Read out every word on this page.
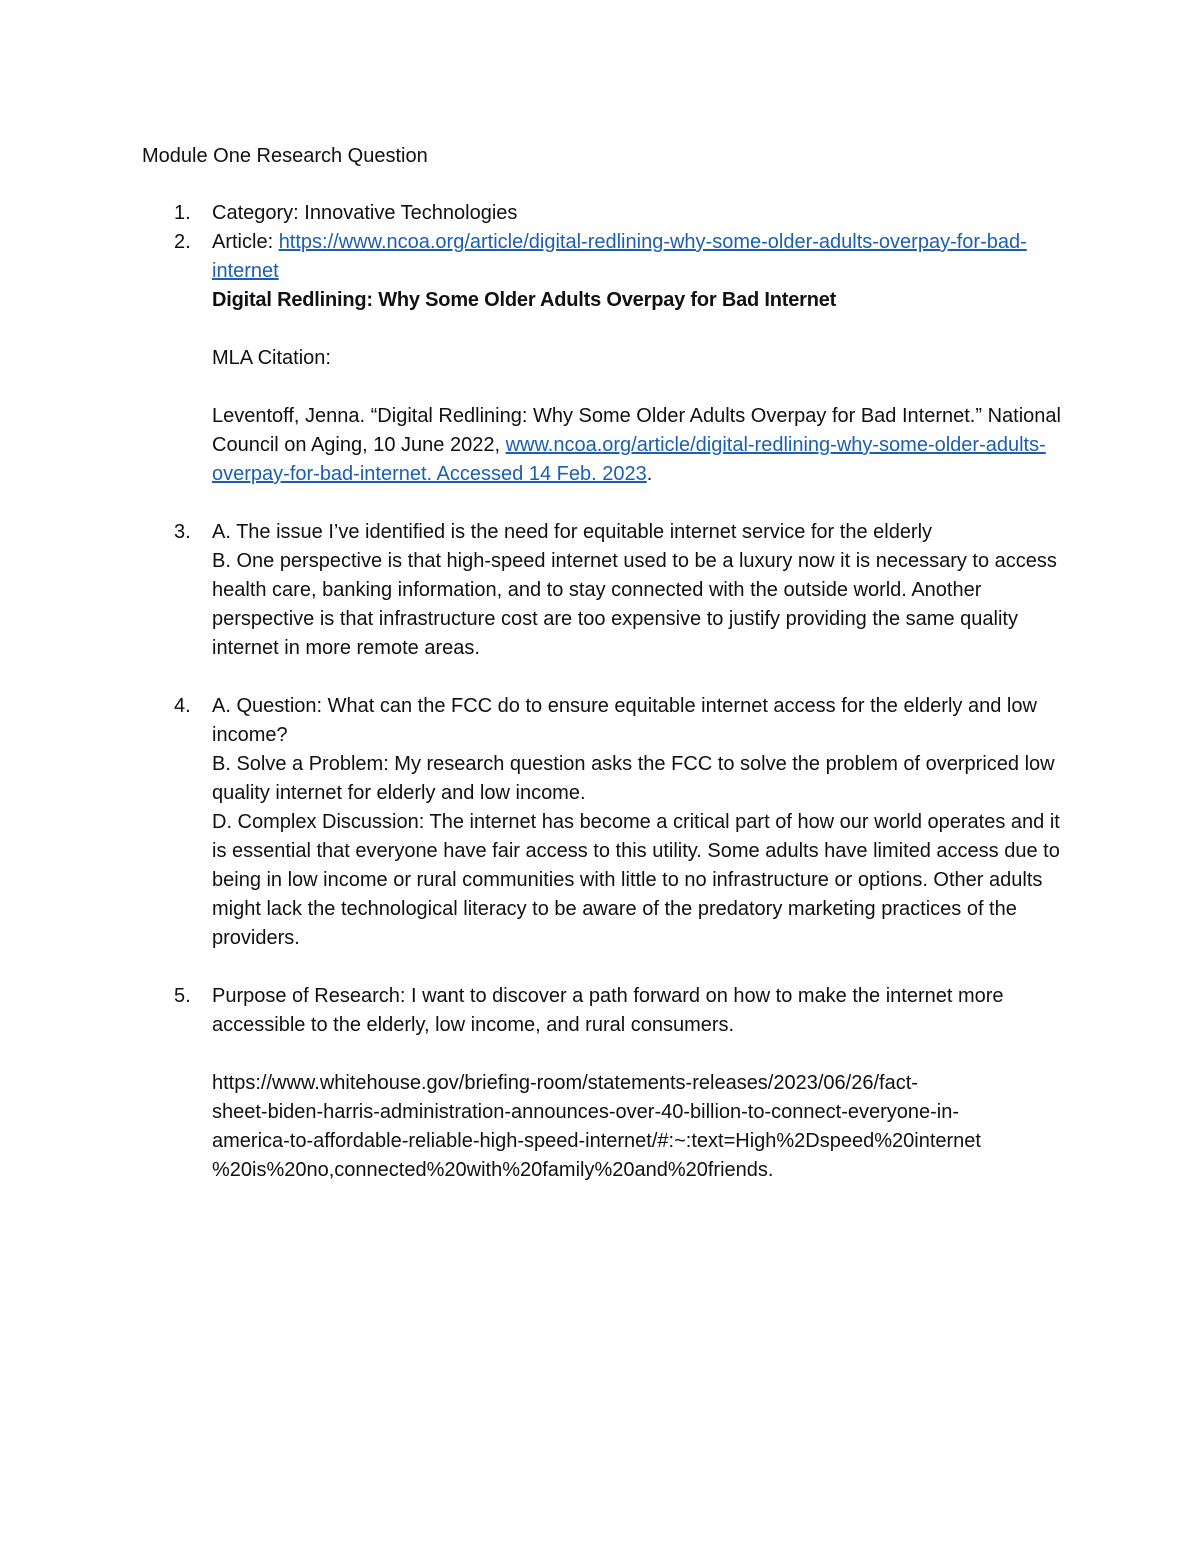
Module One Research Question
1.	Category: Innovative Technologies
2.	Article: https://www.ncoa.org/article/digital-redlining-why-some-older-adults-overpay-for-bad-internet
Digital Redlining: Why Some Older Adults Overpay for Bad Internet
MLA Citation:
Leventoff, Jenna. “Digital Redlining: Why Some Older Adults Overpay for Bad Internet.” National Council on Aging, 10 June 2022, www.ncoa.org/article/digital-redlining-why-some-older-adults-overpay-for-bad-internet. Accessed 14 Feb. 2023.
3.	A. The issue I’ve identified is the need for equitable internet service for the elderly
B. One perspective is that high-speed internet used to be a luxury now it is necessary to access health care, banking information, and to stay connected with the outside world. Another perspective is that infrastructure cost are too expensive to justify providing the same quality internet in more remote areas.
4.	A. Question: What can the FCC do to ensure equitable internet access for the elderly and low income?
B. Solve a Problem: My research question asks the FCC to solve the problem of overpriced low quality internet for elderly and low income.
D. Complex Discussion: The internet has become a critical part of how our world operates and it is essential that everyone have fair access to this utility. Some adults have limited access due to being in low income or rural communities with little to no infrastructure or options. Other adults might lack the technological literacy to be aware of the predatory marketing practices of the providers.
5.	Purpose of Research: I want to discover a path forward on how to make the internet more accessible to the elderly, low income, and rural consumers.
https://www.whitehouse.gov/briefing-room/statements-releases/2023/06/26/fact-
sheet-biden-harris-administration-announces-over-40-billion-to-connect-everyone-in-
america-to-affordable-reliable-high-speed-internet/#:~:text=High%2Dspeed%20internet
%20is%20no,connected%20with%20family%20and%20friends.
